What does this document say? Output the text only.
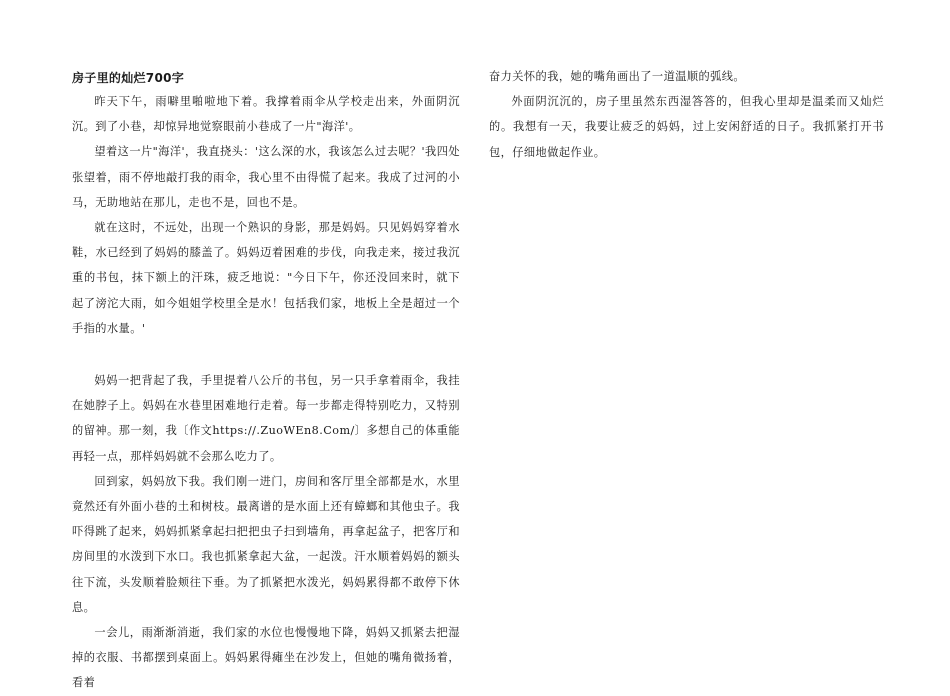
房子里的灿烂700字

昨天下午，雨噼里啪啦地下着。我撑着雨伞从学校走出来，外面阴沉沉。到了小巷，却惊异地觉察眼前小巷成了一片"海洋'。

望着这一片"海洋'，我直挠头：'这么深的水，我该怎么过去呢？'我四处张望着，雨不停地敲打我的雨伞，我心里不由得慌了起来。我成了过河的小马，无助地站在那儿，走也不是，回也不是。

就在这时，不远处，出现一个熟识的身影，那是妈妈。只见妈妈穿着水鞋，水已经到了妈妈的膝盖了。妈妈迈着困难的步伐，向我走来，接过我沉重的书包，抹下额上的汗珠，疲乏地说："今日下午，你还没回来时，就下起了滂沱大雨，如今姐姐学校里全是水！包括我们家，地板上全是超过一个手指的水量。'

妈妈一把背起了我，手里提着八公斤的书包，另一只手拿着雨伞，我挂在她脖子上。妈妈在水巷里困难地行走着。每一步都走得特别吃力，又特别的留神。那一刻，我〔作文https://.ZuoWEn8.Com/〕多想自己的体重能再轻一点，那样妈妈就不会那么吃力了。

回到家，妈妈放下我。我们刚一进门，房间和客厅里全部都是水，水里竟然还有外面小巷的土和树枝。最离谱的是水面上还有蟑螂和其他虫子。我吓得跳了起来，妈妈抓紧拿起扫把把虫子扫到墙角，再拿起盆子，把客厅和房间里的水泼到下水口。我也抓紧拿起大盆，一起泼。汗水顺着妈妈的额头往下流，头发顺着脸颊往下垂。为了抓紧把水泼光，妈妈累得都不敢停下休息。

一会儿，雨渐渐消逝，我们家的水位也慢慢地下降，妈妈又抓紧去把湿掉的衣服、书都摆到桌面上。妈妈累得瘫坐在沙发上，但她的嘴角微扬着，看着

奋力关怀的我，她的嘴角画出了一道温顺的弧线。

外面阴沉沉的，房子里虽然东西湿答答的，但我心里却是温柔而又灿烂的。我想有一天，我要让疲乏的妈妈，过上安闲舒适的日子。我抓紧打开书包，仔细地做起作业。
